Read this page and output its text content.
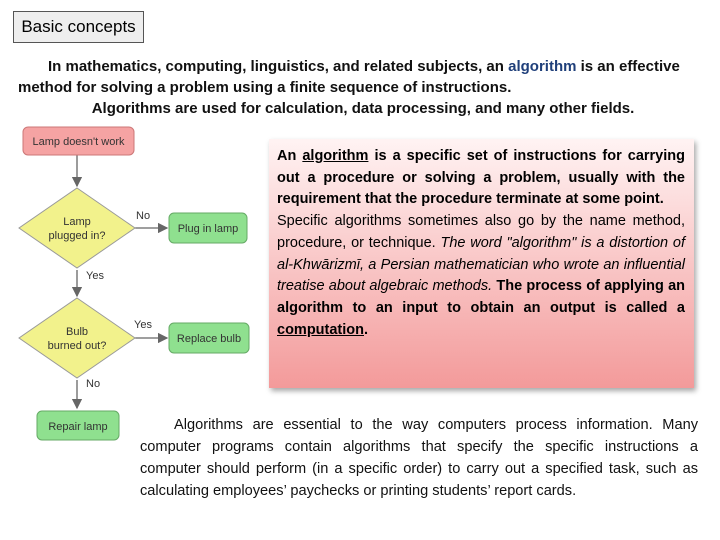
Basic concepts

In mathematics, computing, linguistics, and related subjects, an algorithm is an effective

method for solving a problem using a finite sequence of instructions.

Algorithms are used for calculation, data processing, and many other fields.

Lamp doesn't work
Lamp
plugged in?
Plug in lamp
Bulb
burned out?
Replace bulb
Repair lamp
No
Yes
Yes
No

An algorithm is a specific set of instructions for carrying out a procedure or solving a problem, usually with the requirement that the procedure terminate at some point.

Specific algorithms sometimes also go by the name method, procedure, or technique. The word "algorithm" is a distortion of al-Khwārizmī, a Persian mathematician who wrote an influential treatise about algebraic methods. The process of applying an algorithm to an input to obtain an output is called a computation.

Algorithms are essential to the way computers process information. Many computer programs contain algorithms that specify the specific instructions a computer should perform (in a specific order) to carry out a specified task, such as calculating employees’ paychecks or printing students’ report cards.
